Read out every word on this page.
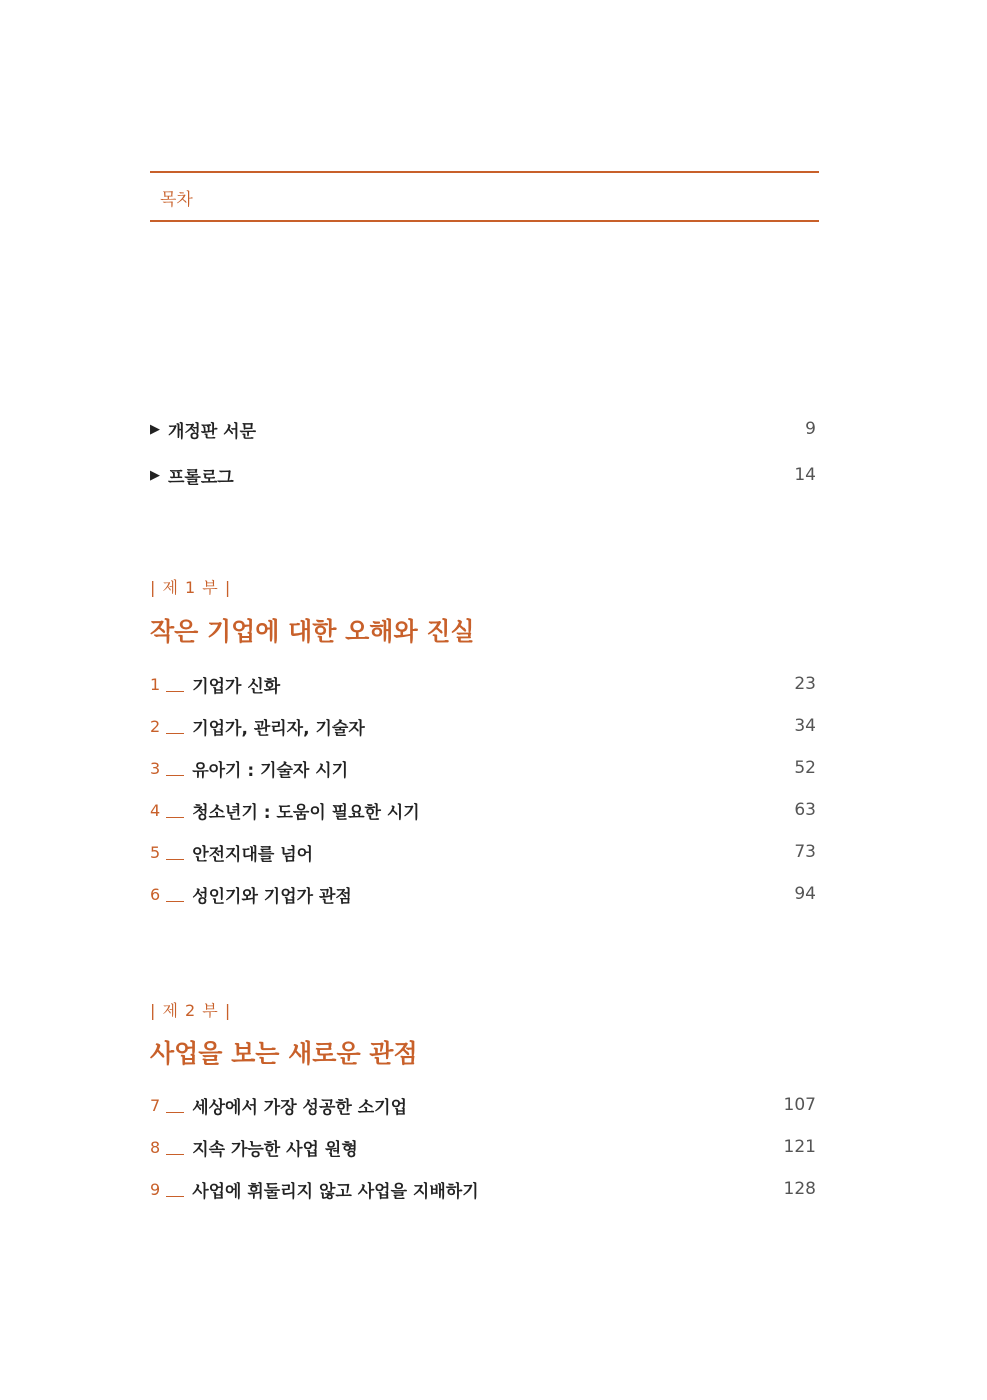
목차
▶ 개정판 서문	9
▶ 프롤로그	14
| 제 1 부 |
작은 기업에 대한 오해와 진실
1 기업가 신화	23
2 기업가, 관리자, 기술자	34
3 유아기 : 기술자 시기	52
4 청소년기 : 도움이 필요한 시기	63
5 안전지대를 넘어	73
6 성인기와 기업가 관점	94
| 제 2 부 |
사업을 보는 새로운 관점
7 세상에서 가장 성공한 소기업	107
8 지속 가능한 사업 원형	121
9 사업에 휘둘리지 않고 사업을 지배하기	128
